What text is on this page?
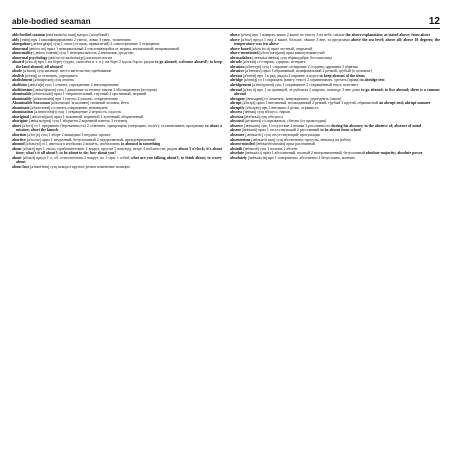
able-bodied seaman	12

able-bodied seaman [eɪbl'bɒdɪd'siːmən] матрос (палубный)

ably ['eɪblɪ] нрч 1 квалифицированно 2 умело, ловко 3 умно, талантливо

abnegation [,æbnɪ'geɪʃn] сущ 1 отказ (от прав, привилегий) 2 самоотречение 3 отрицание

abnormal [æb'nɔːml] прил 1 ненормальный 2 отклоняющийся от нормы, аномальный; неправильный

abnormality [,æbnɔː'mælɪtɪ] сущ 1 ненормальность 2 аномалия; уродство

abnormal psychology [æb'nɔːml saɪ'kɒlədʒɪ] психопатология

aboard [ə'bɔːd] нрч 1 на борту (судна, самолёта и т. п.); на борт 2 вдоль борта; рядом to go aboard; welcome aboard!; to keep the land aboard; all aboard!

abode [ə'bəʊd] сущ жилище, место жительства; пребывание

abolish [ə'bɒlɪʃ] гл отменять, упразднять

abolishment [ə'bɒlɪʃmənt] сущ отмена

abolition [,æbə'lɪʃn] сущ 1 отмена, упразднение 2 аннулирование

abolitionism [,æbə'lɪʃnɪzm] сущ 1 движение за отмену закона 2 аболиционизм (история)

abominable [ə'bɒmɪnəbl] прил 1 отвратительный, гнусный 2 противный, мерзкий

abominably [ə'bɒmɪnəblɪ] нрч 1 гнусно 2 ужасно, отвратительно

Abominable Snowman [ə'bɒmɪnəbl 'snəʊmæn] снежный человек, йети

abominate [ə'bɒmɪneɪt] гл питать отвращение, ненавидеть

abomination [ə,bɒmɪ'neɪʃn] сущ 1 отвращение 2 мерзость, гадость

aboriginal [,æbə'rɪdʒənl] прил 1 исконный, коренной 2 туземный, аборигенный

aborigine [,æbə'rɪdʒɪnɪ] сущ 1 абориген 2 коренной житель 3 туземец

abort [ə'bɔːt] гл 1 прерывать (беременность) 2 отменять, прекращать (операцию, полёт); останавливать программу to abort a mission; abort the launch

abortion [ə'bɔːʃn] сущ 1 аборт 2 выкидыш 3 неудача, провал

abortive [ə'bɔːtɪv] прил 1 неудачный, безуспешный 2 недоразвитый, преждевременный

abound [ə'baʊnd] гл 1 иметься в изобилии 2 кишеть, изобиловать to abound in something

about [ə'baʊt] нрч 1 около, приблизительно 2 вокруг, кругом 3 повсюду, везде 4 поблизости, рядом about 5 o'clock; it's about time; what's it all about?; to be about to do; how about you?

about [ə'baʊt] предл 1 о, об, относительно 2 вокруг, по 3 при, с собой what are you talking about?; to think about; to worry about

about face [ə'baʊt'feɪs] сущ поворот кругом; резкое изменение позиции

above [ə'bʌv] нрч 1 наверху, выше 2 выше по тексту 3 на небе; свыше the above explanation; as stated above; from above

above [ə'bʌv] предл 1 над 2 выше, больше, свыше 3 вне, за пределами above the sea level; above all; above 10 degrees; the temperature was ten above

above board [ə'bʌv'bɔːd] прил честный, открытый

above-mentioned [ə'bʌv'menʃənd] прил вышеупомянутый

abracadabra [,æbrəkə'dæbrə] сущ абракадабра; бессмыслица

abrade [ə'breɪd] гл стирать, сдирать; истирать

abrasion [ə'breɪʒn] сущ 1 стирание, истирание 2 ссадина, царапина 3 абразия

abrasive [ə'breɪsɪv] прил 1 абразивный, шлифовальный 2 резкий, грубый (о человеке)

abreast [ə'brest] нрч 1 в ряд, рядом 2 наравне, в курсе to keep abreast of the times

abridge [ə'brɪdʒ] гл 1 сокращать (книгу, текст) 2 ограничивать, урезать (права) to abridge text

abridgement [ə'brɪdʒmənt] сущ 1 сокращение 2 сокращённый текст, конспект

abroad [ə'brɔːd] нрч 1 за границей, за рубежом 2 широко, повсюду 3 вне дома to go abroad; to live abroad; there is a rumour abroad

abrogate ['æbrəgeɪt] гл отменять, аннулировать, упразднять (закон)

abrupt [ə'brʌpt] прил 1 внезапный, неожиданный 2 резкий, грубый 3 крутой, обрывистый an abrupt end; abrupt manner

abruptly [ə'brʌptlɪ] нрч 1 внезапно 2 резко, отрывисто

abscess ['æbsɪs] сущ абсцесс, нарыв

abscissa [æb'sɪsə] сущ абсцисса

abscond [əb'skɒnd] гл скрываться, сбегать (от правосудия)

absence ['æbsəns] сущ 1 отсутствие 2 неявка 3 рассеянность during his absence; in the absence of; absence of mind

absent ['æbsənt] прил 1 отсутствующий 2 рассеянный to be absent from school

absentee [,æbsən'tiː] сущ отсутствующий; прогульщик

absenteeism [,æbsən'tiːɪzm] сущ абсентеизм; прогулы, невыход на работу

absent-minded ['æbsənt'maɪndɪd] прил рассеянный

absinth ['æbsɪnθ] сущ 1 полынь 2 абсент

absolute ['æbsəluːt] прил 1 абсолютный, полный 2 неограниченный, безусловный absolute majority; absolute power

absolutely ['æbsəluːtlɪ] нрч 1 совершенно, абсолютно 2 безусловно, конечно
